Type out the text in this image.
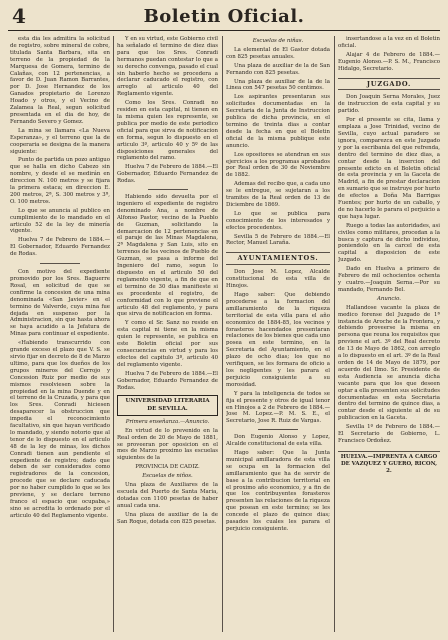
4	Boletin Oficial.

esta dia les admitira la solicitud de registro, sobre mineral de cobre, titulada Santa Barbara, sita en terreno de la propiedad de la Marquesa de Gomera, termino de Calañas, con 12 pertenencias, a favor de D. Juan Ramon Barrantes, por D. Jose Hernandez de los Ganados propietario de Lorenzo Hoado y otros, y el Vecino de Zalamea la Real, segun solicitud presentada en el dia de hoy, de Fernando Severo y Gomez.

La mina se llamara «La Nueva Esperanza», y el terreno que la de cooperaria se designa de la manera siguiente:

Punto de partida un pozo antiguo que se halla en dicho Cabezo sin nombre, y desde el se medirán en direccion N. 100 metros y se fijara la primera estaca; en direccion E. 200 metros, 2ª, S. 300 metros y 3ª, O. 100 metros.

Lo que se anuncia al publico en cumplimiento de lo mandado en el articulo 52 de la ley de minería vigente.

Huelva 7 de Febrero de 1884.—El Gobernador, Eduardo Fernandez de Rodas.

Con motivo del expediente promovido por los Sres. Baguerre Rosal, en solicitud de que se confirme la concesion de una mina denominada «San Javier» en el termino de Valverde, cuya mina fue dejada en suspenso por la Administracion, sin que hasta ahora se haya acudido a la Jefatura de Minas para continuar el expediente.

«Habiendo transcurrido con grande exceso el plazo que V. S. se sirvio fijar en decreto de 8 de Marzo ultimo, para que los dueños de los grupos mineros del Cerrojo y Concesion Ruiz por medio de sus mismos resolviesen sobre la propiedad en la mina Duende y en el terreno de la Cruzada, y para que los Sres. Conradi hiciesen desaparecer la obstruccion que impedia el reconocimiento facultativo, sin que hayan verificado lo mandado, y siendo notorio que al tenor de lo dispuesto en el articulo 48 de la ley de minas, los dichos Conradi tienen aun pendiente el expediente de registro; dado que deben de ser considerados como registradores de la concesion, procede que se declare caducada por no haber cumplido lo que se les previene, y se declare terreno franco el espacio que ocupaba,» sino se acredita lo ordenado por el articulo 40 del Reglamento vigente.

Y en su virtud, este Gobierno civil ha señalado el termino de diez dias para que los Sres. Conradi hermanos puedan contestar lo que a su derecho convenga, pasado el cual sin haberlo hecho se procedera a declarar caducado el registro, con arreglo al articulo 40 del Reglamento vigente.

Como los Sres. Conradi no residen en esta capital, ni tienen en la misma quien les represente, se publica por medio de este periodico oficial para que sirva de notificacion en forma, segun lo dispuesto en el articulo 3º, articulo 40 y 5º de las disposiciones generales del reglamento del ramo.

Huelva 7 de Febrero de 1884.—El Gobernador, Eduardo Fernandez de Rodas.

Habiendo sido devuelta por el ingeniero el expediente de registro denominado Ana, a nombre de Alfonso Pastor, vecino de la Pueblo de Guzman, solicitando la demarcacion de 12 pertenencias en el paraje de las Minas Magdalena, 2ª Magdalena y San Luis, sito en terrenos de los vecinos de Pueblo de Guzman, se pasa a informe del Ingeniero del ramo, segun lo dispuesto en el articulo 50 del reglamento vigente, a fin de que en el termino de 30 dias manifieste si es procedente el registro, de conformidad con lo que previene el articulo 48 del reglamento, y para que sirva de notificacion en forma.

Y como el Sr. Sanz no reside en esta capital ni tiene en la misma quien le represente, se publica en este Boletin oficial por sus consecuencias en virtud y para los efectos del capitulo 3º, articulo 40 del reglamento vigente.

Huelva 7 de Febrero de 1884.—El Gobernador, Eduardo Fernandez de Rodas.

UNIVERSIDAD LITERARIA DE SEVILLA.
Primera enseñanza.—Anuncio.

En virtud de lo prevenido en la Real orden de 20 de Mayo de 1881, se proveeran por oposicion en el mes de Marzo proximo las escuelas siguientes de la

PROVINCIA DE CADIZ.
Escuelas de niños.

Una plaza de Auxiliares de la escuela del Puerto de Santa Maria, dotadas con 1100 pesetas de haber anual cada una.

Una plaza de auxiliar de la de San Roque, dotada con 825 pesetas.

Escuelas de niñas.

La elemental de El Gastor dotada con 825 pesetas anuales.

Una plaza de auxiliar de la de San Fernando con 825 pesetas.

Una plaza de auxiliar de la de la Linea con 547 pesetas 50 centimos.

Los aspirantes presentaran sus solicitudes documentadas en la Secretaria de la Junta de Instruccion publica de dicha provincia, en el termino de treinta dias a contar desde la fecha en que el Boletin oficial de la misma publique este anuncio.

Los opositores se atendran en sus ejercicios a los programas aprobados por Real orden de 30 de Noviembre de 1882.

Ademas del recibo que, a cada uno se le entregue, se sujetaran a los tramites de la Real orden de 13 de Diciembre de 1869.

Lo que se publica para conocimiento de los interesados y efectos procedentes.

Sevilla 5 de Febrero de 1884.—El Rector, Manuel Laraña.

AYUNTAMIENTOS.

Don Jose M. Lopez, Alcalde constitucional de esta villa de Hinojos.

Hago saber: Que debiendo procederse a la formacion del amillaramiento de la riqueza territorial de esta villa para el año economico de 1884-85, los vecinos y forasteros hacendados presentaran relaciones de los bienes que cada uno posea en este termino, en la Secretaria del Ayuntamiento, en el plazo de ocho dias; los que no verifiquen, se les formara de oficio a los negligentes y les parara el perjuicio consiguiente a su morosidad.

Y para la inteligencia de todos se fija el presente y otros de igual tenor en Hinojos a 2 de Febrero de 1884.—Jose M. Lopez.—P. M. S. E., el Secretario, Jose R. Ruiz de Vargas.

Don Eugenio Alonso y Lopez, Alcalde constitucional de esta villa.

Hago saber: Que la Junta municipal amillaradora de esta villa se ocupa en la formacion del amillaramiento que ha de servir de base a la contribucion territorial en el proximo año economico, y a fin de que los contribuyentes forasteros presenten las relaciones de la riqueza que posean en este termino; se les concede el plazo de quince dias; pasados los cuales les parara el perjuicio consiguiente.

insertandose a la vez en el Boletin oficial.

Alajar 4 de Febrero de 1884.—Eugenio Alonso.—P. S. M., Francisco Hidalgo, Secretario.

JUZGADO.

Don Joaquin Serna Morales, Juez de instruccion de esta capital y su partido.

Por el presente se cita, llama y emplaza a Jose Trinidad, vecino de Sevilla, cuyo actual paradero se ignora, comparezca en este Juzgado y por la escribania del que refrenda, dentro del termino de diez dias, a contar desde la insercion del presente edicto en el Boletin oficial de esta provincia y en la Gaceta de Madrid, a fin de prestar declaracion en sumario que se instruye por hurto de efectos a Doña Ma Barrigas Fuentes; por hurto de un caballo, y de no hacerlo le parara el perjuicio a que haya lugar.

Ruego a todas las autoridades, asi civiles como militares, procedan a la busca y captura de dicho individuo, poniendolo en la carcel de esta capital a disposicion de este Juzgado.

Dado en Huelva a primero de Febrero de mil ochocientos ochenta y cuatro.—Joaquin Serna.—Por su mandado, Fernando Bel.

Anuncio.

Hallandose vacante la plaza de medico forense del Juzgado de 1ª instancia de Aroche de la Frontera, y debiendo proveerse la misma en persona que reuna los requisitos que previene el art. 3º del Real decreto de 13 de Mayo de 1862, con arreglo a lo dispuesto en el art. 3º de la Real orden de 14 de Mayo de 1879, por acuerdo del Ilmo. Sr. Presidente de esta Audiencia se anuncia dicha vacante para que los que deseen optar a ella presenten sus solicitudes documentadas en esta Secretaria dentro del termino de quince dias, a contar desde el siguiente al de su publicacion en la Gaceta.

Sevilla 1º de Febrero de 1884.—El Secretario de Gobierno, L. Francisco Ordoñez.

HUELVA.—IMPRENTA A CARGO DE VAZQUEZ Y GUERO, RICON, 2.
